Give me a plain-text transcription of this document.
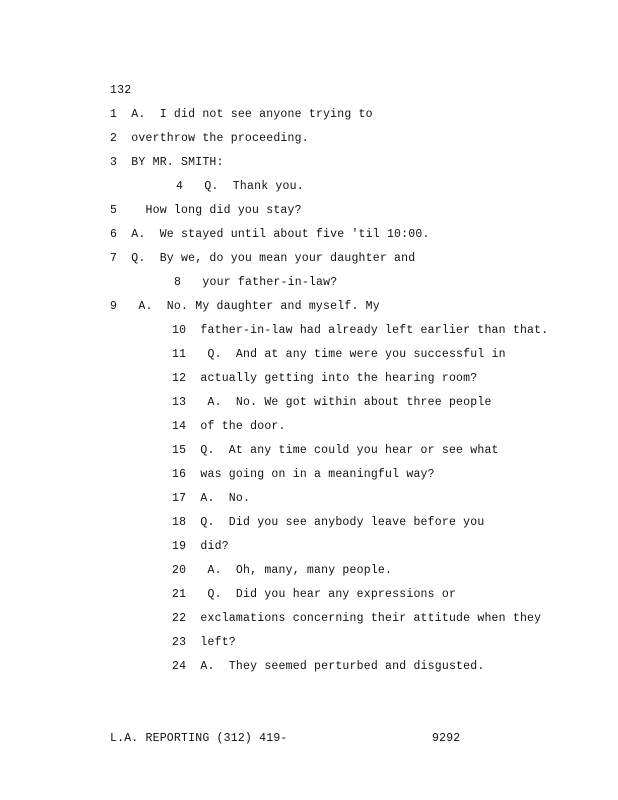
132
1  A.  I did not see anyone trying to
2  overthrow the proceeding.
3  BY MR. SMITH:
4   Q.  Thank you.
5    How long did you stay?
6  A.  We stayed until about five 'til 10:00.
7  Q.  By we, do you mean your daughter and
8   your father-in-law?
9   A.  No. My daughter and myself. My
10  father-in-law had already left earlier than that.
11   Q.  And at any time were you successful in
12  actually getting into the hearing room?
13   A.  No. We got within about three people
14  of the door.
15  Q.  At any time could you hear or see what
16  was going on in a meaningful way?
17  A.  No.
18  Q.  Did you see anybody leave before you
19  did?
20   A.  Oh, many, many people.
21   Q.  Did you hear any expressions or
22  exclamations concerning their attitude when they
23  left?
24  A.  They seemed perturbed and disgusted.
L.A. REPORTING (312) 419-	9292
